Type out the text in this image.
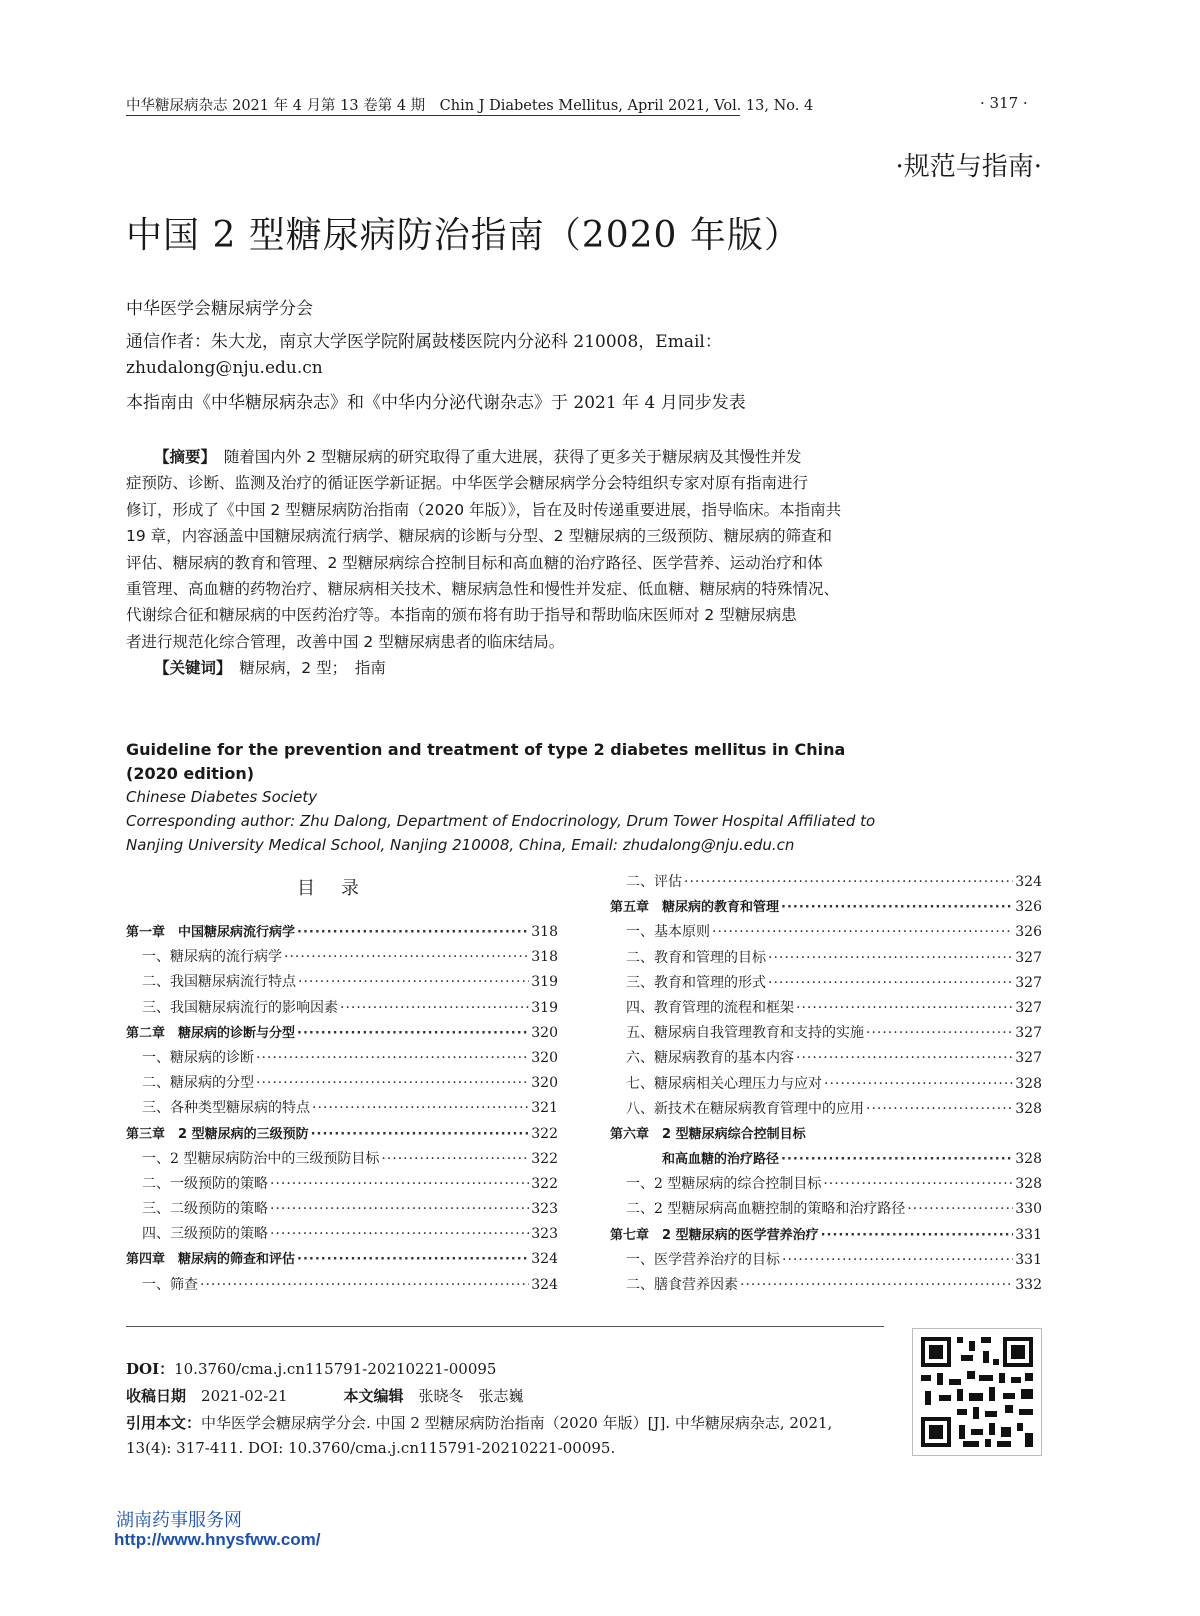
中华糖尿病杂志 2021 年 4 月第 13 卷第 4 期　Chin J Diabetes Mellitus, April 2021, Vol. 13, No. 4	· 317 ·
·规范与指南·
中国 2 型糖尿病防治指南（2020 年版）
中华医学会糖尿病学分会
通信作者：朱大龙，南京大学医学院附属鼓楼医院内分泌科 210008，Email：
zhudalong@nju.edu.cn
本指南由《中华糖尿病杂志》和《中华内分泌代谢杂志》于 2021 年 4 月同步发表
【摘要】　 随着国内外 2 型糖尿病的研究取得了重大进展，获得了更多关于糖尿病及其慢性并发
症预防、诊断、监测及治疗的循证医学新证据。中华医学会糖尿病学分会特组织专家对原有指南进行
修订，形成了《中国 2 型糖尿病防治指南（2020 年版）》，旨在及时传递重要进展，指导临床。本指南共
19 章，内容涵盖中国糖尿病流行病学、糖尿病的诊断与分型、2 型糖尿病的三级预防、糖尿病的筛查和
评估、糖尿病的教育和管理、2 型糖尿病综合控制目标和高血糖的治疗路径、医学营养、运动治疗和体
重管理、高血糖的药物治疗、糖尿病相关技术、糖尿病急性和慢性并发症、低血糖、糖尿病的特殊情况、
代谢综合征和糖尿病的中医药治疗等。本指南的颁布将有助于指导和帮助临床医师对 2 型糖尿病患
者进行规范化综合管理，改善中国 2 型糖尿病患者的临床结局。
【关键词】　 糖尿病，2 型；　指南
Guideline for the prevention and treatment of type 2 diabetes mellitus in China (2020 edition)
Chinese Diabetes Society
Corresponding author: Zhu Dalong, Department of Endocrinology, Drum Tower Hospital Affiliated to
Nanjing University Medical School, Nanjing 210008, China, Email: zhudalong@nju.edu.cn
目录
第一章　中国糖尿病流行病学 ·····	318
一、糖尿病的流行病学 ·····	318
二、我国糖尿病流行特点 ·····	319
三、我国糖尿病流行的影响因素 ·····	319
第二章　糖尿病的诊断与分型 ·····	320
一、糖尿病的诊断 ·····	320
二、糖尿病的分型 ·····	320
三、各种类型糖尿病的特点 ·····	321
第三章　2 型糖尿病的三级预防 ·····	322
一、2 型糖尿病防治中的三级预防目标 ·····	322
二、一级预防的策略 ·····	322
三、二级预防的策略 ·····	323
四、三级预防的策略 ·····	323
第四章　糖尿病的筛查和评估 ·····	324
一、筛查 ·····	324
二、评估 ·····	324
第五章　糖尿病的教育和管理 ·····	326
一、基本原则 ·····	326
二、教育和管理的目标 ·····	327
三、教育和管理的形式 ·····	327
四、教育管理的流程和框架 ·····	327
五、糖尿病自我管理教育和支持的实施 ·····	327
六、糖尿病教育的基本内容 ·····	327
七、糖尿病相关心理压力与应对 ·····	328
八、新技术在糖尿病教育管理中的应用 ·····	328
第六章　2 型糖尿病综合控制目标
　　　　和高血糖的治疗路径 ·····	328
一、2 型糖尿病的综合控制目标 ·····	328
二、2 型糖尿病高血糖控制的策略和治疗路径 ·····	330
第七章　2 型糖尿病的医学营养治疗 ·····	331
一、医学营养治疗的目标 ·····	331
二、膳食营养因素 ·····	332
DOI：10.3760/cma.j.cn115791-20210221-00095
收稿日期　 2021-02-21	本文编辑　 张晓冬　张志巍
引用本文：中华医学会糖尿病学分会. 中国 2 型糖尿病防治指南（2020 年版）[J]. 中华糖尿病杂志, 2021,
13(4): 317-411. DOI: 10.3760/cma.j.cn115791-20210221-00095.
湖南药事服务网
http://www.hnysfww.com/
